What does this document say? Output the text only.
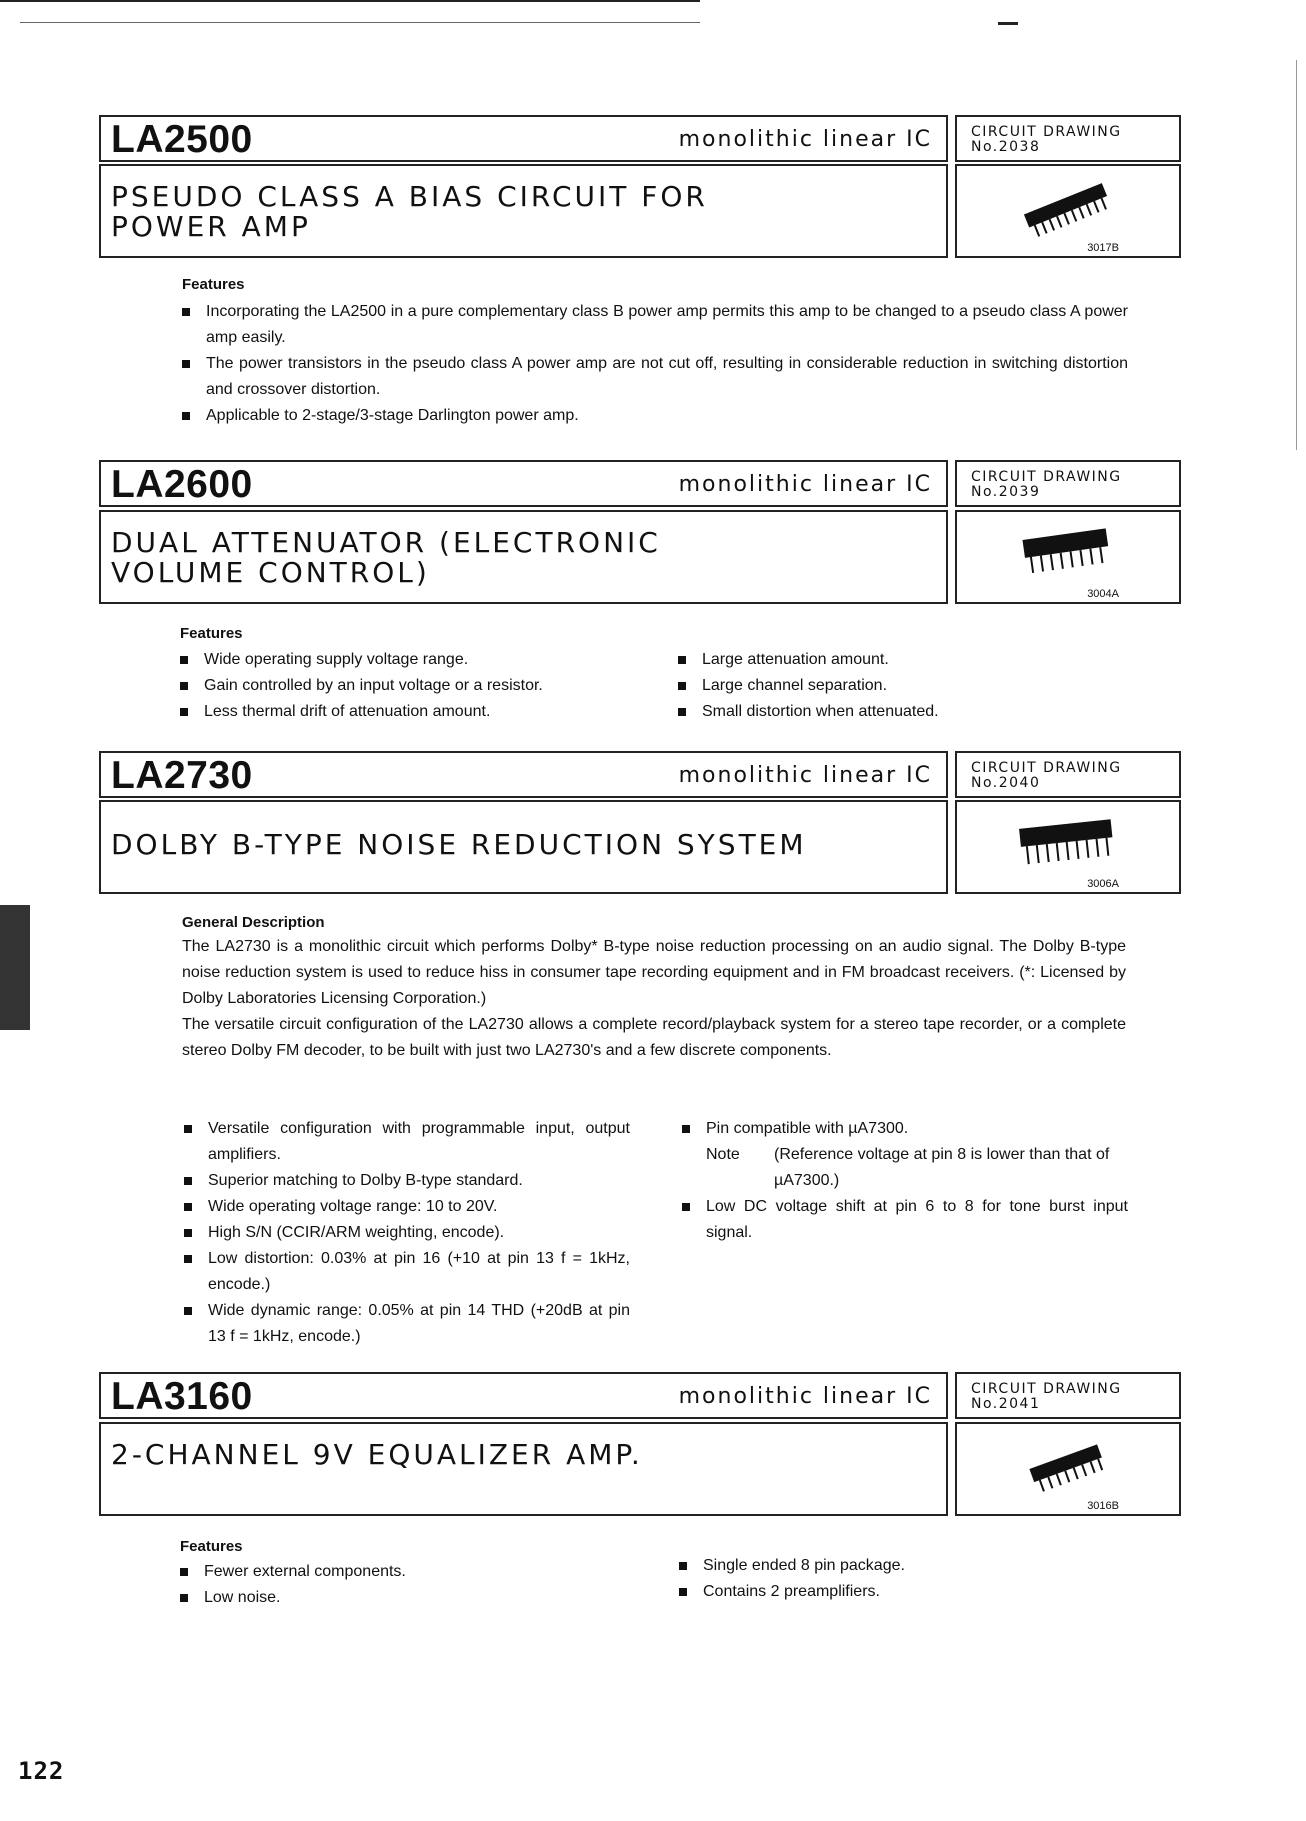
LA2500	monolithic linear IC	CIRCUIT DRAWING
No.2038
PSEUDO CLASS A BIAS CIRCUIT FOR
POWER AMP
3017B
Features
Incorporating the LA2500 in a pure complementary class B power amp permits this amp to be changed to a pseudo class A power amp easily.
The power transistors in the pseudo class A power amp are not cut off, resulting in considerable reduction in switching distortion and crossover distortion.
Applicable to 2-stage/3-stage Darlington power amp.
LA2600	monolithic linear IC	CIRCUIT DRAWING
No.2039
DUAL ATTENUATOR (ELECTRONIC
VOLUME CONTROL)
3004A
Features
Wide operating supply voltage range.
Gain controlled by an input voltage or a resistor.
Less thermal drift of attenuation amount.
Large attenuation amount.
Large channel separation.
Small distortion when attenuated.
LA2730	monolithic linear IC	CIRCUIT DRAWING
No.2040
DOLBY B-TYPE NOISE REDUCTION SYSTEM
3006A
General Description
The LA2730 is a monolithic circuit which performs Dolby* B-type noise reduction processing on an audio signal. The Dolby B-type noise reduction system is used to reduce hiss in consumer tape recording equipment and in FM broadcast receivers. (*: Licensed by Dolby Laboratories Licensing Corporation.)
The versatile circuit configuration of the LA2730 allows a complete record/playback system for a stereo tape recorder, or a complete stereo Dolby FM decoder, to be built with just two LA2730's and a few discrete components.
Versatile configuration with programmable input, output amplifiers.
Superior matching to Dolby B-type standard.
Wide operating voltage range: 10 to 20V.
High S/N (CCIR/ARM weighting, encode).
Low distortion: 0.03% at pin 16 (+10 at pin 13 f = 1kHz, encode.)
Wide dynamic range: 0.05% at pin 14 THD (+20dB at pin 13 f = 1kHz, encode.)
Pin compatible with µA7300.
Note	(Reference voltage at pin 8 is lower than that of µA7300.)
Low DC voltage shift at pin 6 to 8 for tone burst input signal.
LA3160	monolithic linear IC	CIRCUIT DRAWING
No.2041
2-CHANNEL 9V EQUALIZER AMP.
3016B
Features
Fewer external components.
Low noise.
Single ended 8 pin package.
Contains 2 preamplifiers.
122
